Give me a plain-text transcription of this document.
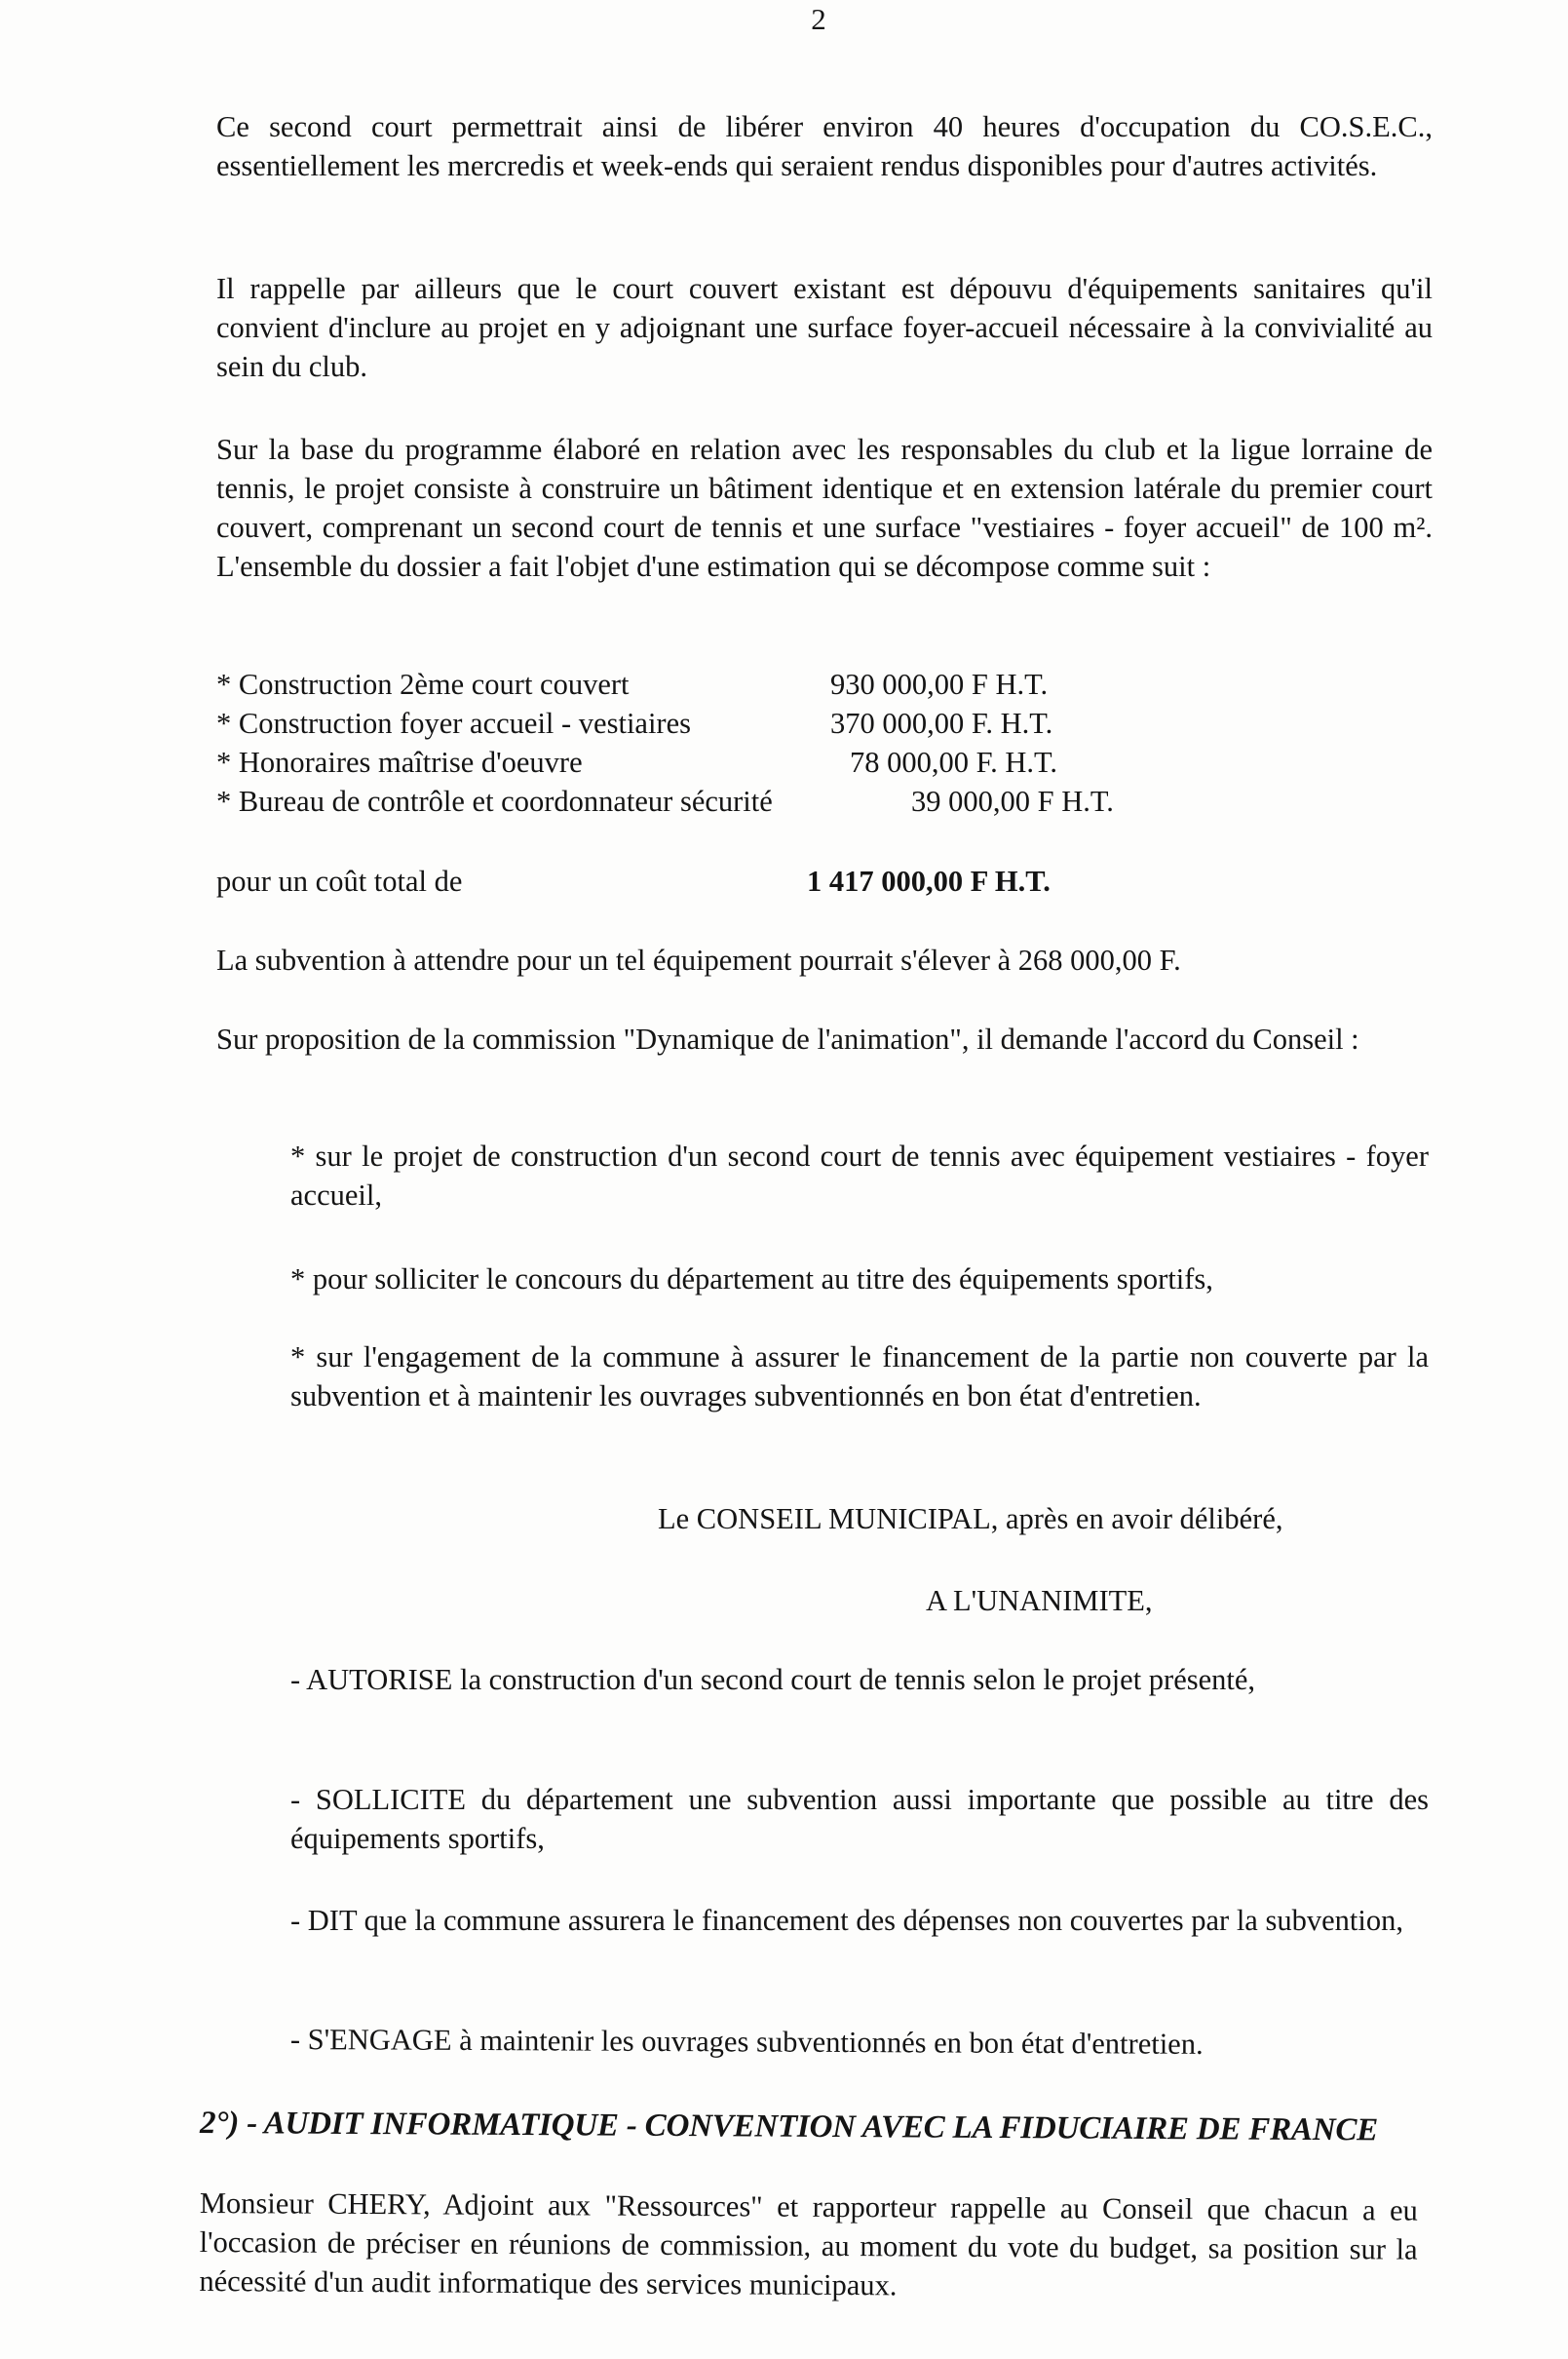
2

Ce second court permettrait ainsi de libérer environ 40 heures d'occupation du CO.S.E.C., essentiellement les mercredis et week-ends qui seraient rendus disponibles pour d'autres activités.

Il rappelle par ailleurs que le court couvert existant est dépouvu d'équipements sanitaires qu'il convient d'inclure au projet en y adjoignant une surface foyer-accueil nécessaire à la convivialité au sein du club.

Sur la base du programme élaboré en relation avec les responsables du club et la ligue lorraine de tennis, le projet consiste à construire un bâtiment identique et en extension latérale du premier court couvert, comprenant un second court de tennis et une surface "vestiaires - foyer accueil" de 100 m². L'ensemble du dossier a fait l'objet d'une estimation qui se décompose comme suit :

* Construction 2ème court couvert	930 000,00 F H.T.
* Construction foyer accueil - vestiaires	370 000,00 F. H.T.
* Honoraires maîtrise d'oeuvre	78 000,00 F. H.T.
* Bureau de contrôle et coordonnateur sécurité	39 000,00 F H.T.
pour un coût total de	1 417 000,00 F H.T.

La subvention à attendre pour un tel équipement pourrait s'élever à 268 000,00 F.

Sur proposition de la commission "Dynamique de l'animation", il demande l'accord du Conseil :

* sur le projet de construction d'un second court de tennis avec équipement vestiaires - foyer accueil,

* pour solliciter le concours du département au titre des équipements sportifs,

* sur l'engagement de la commune à assurer le financement de la partie non couverte par la subvention et à maintenir les ouvrages subventionnés en bon état d'entretien.

Le CONSEIL MUNICIPAL, après en avoir délibéré,
A L'UNANIMITE,

- AUTORISE la construction d'un second court de tennis selon le projet présenté,

- SOLLICITE du département une subvention aussi importante que possible au titre des équipements sportifs,

- DIT que la commune assurera le financement des dépenses non couvertes par la subvention,

- S'ENGAGE à maintenir les ouvrages subventionnés en bon état d'entretien.

2°) - AUDIT INFORMATIQUE - CONVENTION AVEC LA FIDUCIAIRE DE FRANCE

Monsieur CHERY, Adjoint aux "Ressources" et rapporteur rappelle au Conseil que chacun a eu l'occasion de préciser en réunions de commission, au moment du vote du budget, sa position sur la nécessité d'un audit informatique des services municipaux.
